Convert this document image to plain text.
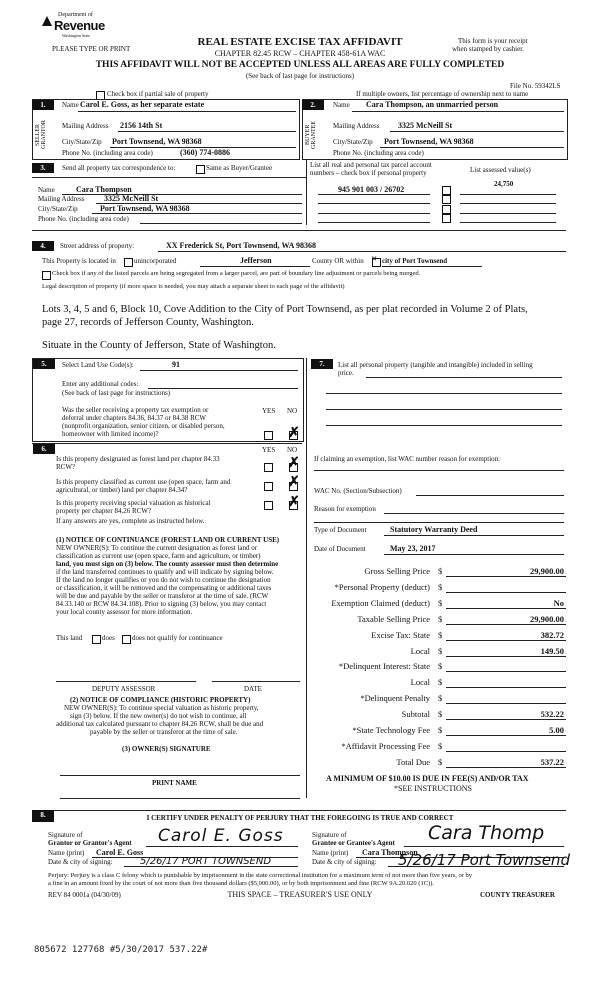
Department of
Revenue
Washington State
PLEASE TYPE OR PRINT
REAL ESTATE EXCISE TAX AFFIDAVIT
CHAPTER 82.45 RCW – CHAPTER 458-61A WAC
This form is your receipt
when stamped by cashier.
THIS AFFIDAVIT WILL NOT BE ACCEPTED UNLESS ALL AREAS ARE FULLY COMPLETED
(See back of last page for instructions)
File No. 59342LS
Check box if partial sale of property	If multiple owners, list percentage of ownership next to name
1.	2.
SELLER GRANTOR	BUYER GRANTEE
Name Carol E. Goss, as her separate estate
Mailing Address 2156 14th St
City/State/Zip Port Townsend, WA 98368
Phone No. (including area code)	(360) 774-0886
Name Cara Thompson, an unmarried person
Mailing Address 3325 McNeill St
City/State/Zip Port Townsend, WA 98368
Phone No. (including area code)
3.	Send all property tax correspondence to:	Same as Buyer/Grantee	List all real and personal tax parcel account
numbers – check box if personal property	List assessed value(s)
Name	Cara Thompson
Mailing Address 3325 McNeill St
City/State/Zip	Port Townsend, WA 98368
Phone No. (including area code)
945 901 003 / 26702
24,750
4.	Street address of property:	XX Frederick St, Port Townsend, WA 98368
This Property is located in	unincorporated	Jefferson	County OR within × city of Port Townsend
Check box if any of the listed parcels are being segregated from a larger parcel, are part of boundary line adjustment or parcels being merged.
Legal description of property (if more space is needed, you may attach a separate sheet to each page of the affidavit)
Lots 3, 4, 5 and 6, Block 10, Cove Addition to the City of Port Townsend, as per plat recorded in Volume 2 of Plats,
page 27, records of Jefferson County, Washington.
Situate in the County of Jefferson, State of Washington.
5.	Select Land Use Code(s):	91
Enter any additional codes:
(See back of last page for instructions)
YES NO
Was the seller receiving a property tax exemption or
deferral under chapters 84.36, 84.37 or 84.38 RCW
(nonprofit organization, senior citizen, or disabled person,
homeowner with limited income)?	✗
6.	YES NO
Is this property designated as forest land per chapter 84.33
RCW?	✗
Is this property classified as current use (open space, farm and
agricultural, or timber) land per chapter 84.34?	✗
Is this property receiving special valuation as historical
property per chapter 84.26 RCW?
✗
If any answers are yes, complete as instructed below.
(1) NOTICE OF CONTINUANCE (FOREST LAND OR CURRENT USE)
NEW OWNER(S): To continue the current designation as forest land or
classification as current use (open space, farm and agriculture, or timber)
land, you must sign on (3) below. The county assessor must then determine
if the land transferred continues to qualify and will indicate by signing below.
If the land no longer qualifies or you do not wish to continue the designation
or classification, it will be removed and the compensating or additional taxes
will be due and payable by the seller or transferor at the time of sale. (RCW
84.33.140 or RCW 84.34.108). Prior to signing (3) below, you may contact
your local county assessor for more information.
This land	does does not qualify for continuance
DEPUTY ASSESSOR	DATE
(2) NOTICE OF COMPLIANCE (HISTORIC PROPERTY)
NEW OWNER(S): To continue special valuation as historic property,
sign (3) below. If the new owner(s) do not wish to continue, all
additional tax calculated pursuant to chapter 84.26 RCW, shall be due and
payable by the seller or transferor at the time of sale.
(3) OWNER(S) SIGNATURE
PRINT NAME
7.	List all personal property (tangible and intangible) included in selling
price.
If claiming an exemption, list WAC number reason for exemption:
WAC No. (Section/Subsection)
Reason for exemption
Type of Document	Statutory Warranty Deed
Date of Document	May 23, 2017
Gross Selling Price $	29,900.00
*Personal Property (deduct) $
Exemption Claimed (deduct) $	No
Taxable Selling Price $	29,900.00
Excise Tax: State $	382.72
Local $	149.50
*Delinquent Interest: State $
Local $
*Delinquent Penalty $
Subtotal $	532.22
*State Technology Fee $	5.00
*Affidavit Processing Fee $
Total Due $	537.22
A MINIMUM OF $10.00 IS DUE IN FEE(S) AND/OR TAX
*SEE INSTRUCTIONS
8.	I CERTIFY UNDER PENALTY OF PERJURY THAT THE FOREGOING IS TRUE AND CORRECT
Signature of
Grantor or Grantor's Agent
Name (print) Carol E. Goss
Date & city of signing:
Carol E. Goss
5/26/17 PORT TOWNSEND
Signature of
Grantee or Grantee's Agent
Name (print) Cara Thompson
Date & city of signing:
Cara Thomp
5/26/17 Port Townsend
Perjury: Perjury is a class C felony which is punishable by imprisonment in the state correctional institution for a maximum term of not more than five years, or by
a fine in an amount fixed by the court of not more than five thousand dollars ($5,000.00), or by both imprisonment and fine (RCW 9A.20.020 (1C)).
REV 84 0001a (04/30/09)	THIS SPACE – TREASURER'S USE ONLY	COUNTY TREASURER
805672 127768 #5/30/2017 537.22#
